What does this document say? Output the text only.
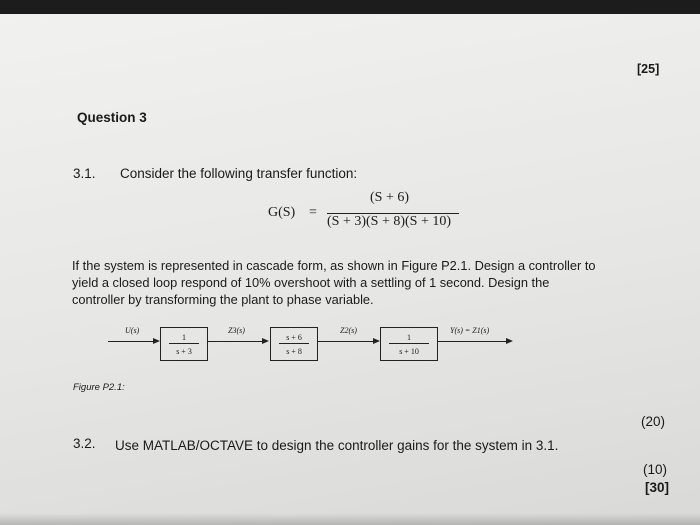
[25]
Question 3
3.1. Consider the following transfer function:
G(S) =
(S + 6)
(S + 3)(S + 8)(S + 10)
If the system is represented in cascade form, as shown in Figure P2.1. Design a controller to
yield a closed loop respond of 10% overshoot with a settling of 1 second. Design the
controller by transforming the plant to phase variable.
U(s)
1
s + 3
Z3(s)
s + 6
s + 8
Z2(s)
1
s + 10
Y(s) = Z1(s)
Figure P2.1:
(20)
3.2. Use MATLAB/OCTAVE to design the controller gains for the system in 3.1.
(10)
[30]
